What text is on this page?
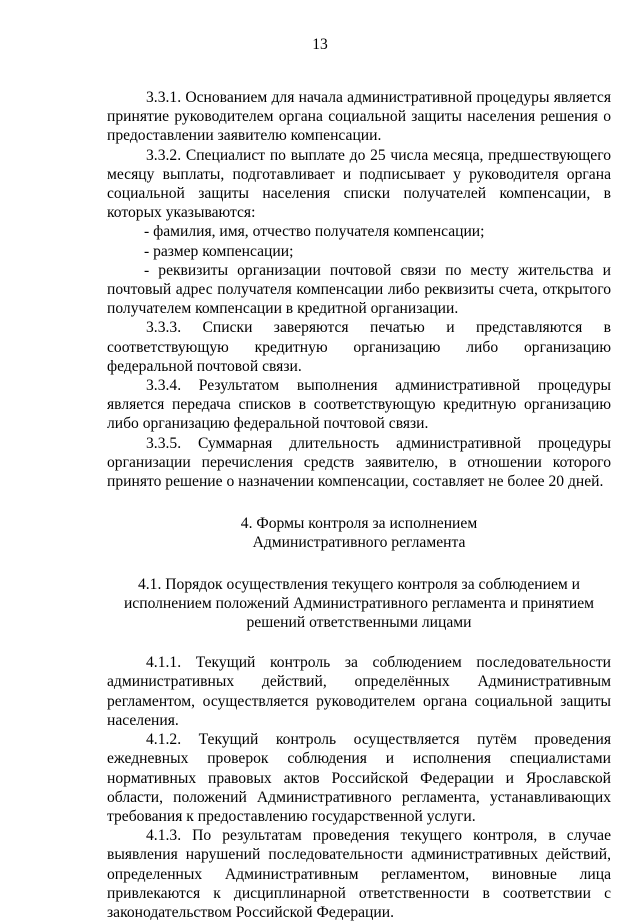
13

3.3.1. Основанием для начала административной процедуры является принятие руководителем органа социальной защиты населения решения о предоставлении заявителю компенсации.

3.3.2. Специалист по выплате до 25 числа месяца, предшествующего месяцу выплаты, подготавливает и подписывает у руководителя органа социальной защиты населения списки получателей компенсации, в которых указываются:

- фамилия, имя, отчество получателя компенсации;

- размер компенсации;

- реквизиты организации почтовой связи по месту жительства и почтовый адрес получателя компенсации либо реквизиты счета, открытого получателем компенсации в кредитной организации.

3.3.3. Списки заверяются печатью и представляются в соответствующую кредитную организацию либо организацию федеральной почтовой связи.

3.3.4. Результатом выполнения административной процедуры является передача списков в соответствующую кредитную организацию либо организацию федеральной почтовой связи.

3.3.5. Суммарная длительность административной процедуры организации перечисления средств заявителю, в отношении которого принято решение о назначении компенсации, составляет не более 20 дней.

4. Формы контроля за исполнением
Административного регламента
4.1. Порядок осуществления текущего контроля за соблюдением и
исполнением положений Административного регламента и принятием
решений ответственными лицами

4.1.1. Текущий контроль за соблюдением последовательности административных действий, определённых Административным регламентом, осуществляется руководителем органа социальной защиты населения.

4.1.2. Текущий контроль осуществляется путём проведения ежедневных проверок соблюдения и исполнения специалистами нормативных правовых актов Российской Федерации и Ярославской области, положений Административного регламента, устанавливающих требования к предоставлению государственной услуги.

4.1.3. По результатам проведения текущего контроля, в случае выявления нарушений последовательности административных действий, определенных Административным регламентом, виновные лица привлекаются к дисциплинарной ответственности в соответствии с законодательством Российской Федерации.
